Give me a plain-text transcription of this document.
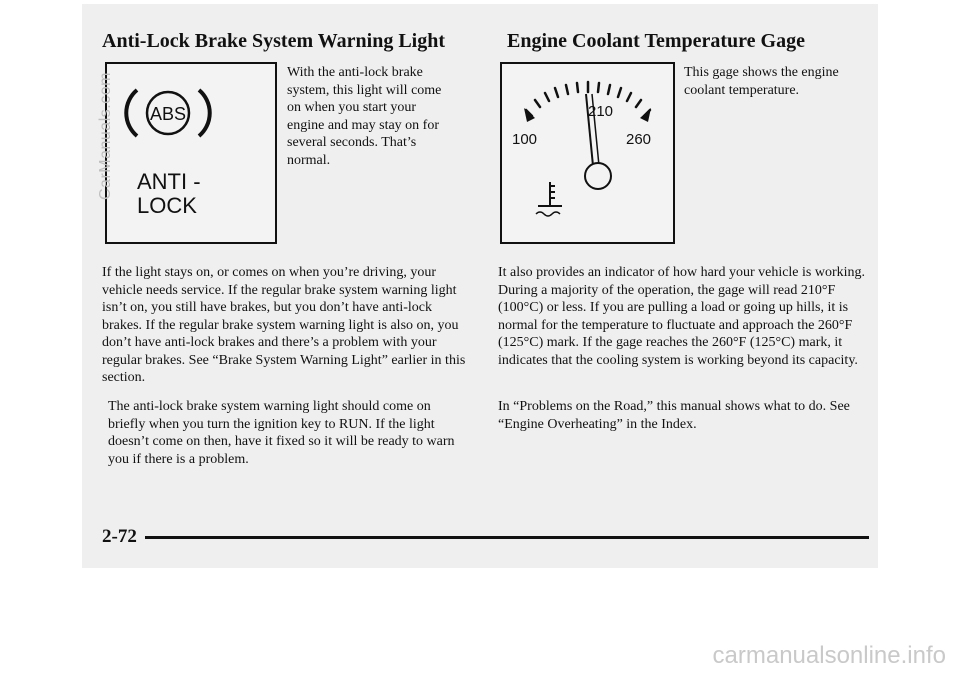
Anti-Lock Brake System Warning Light
ABS
ANTI -
LOCK
With the anti-lock brake system, this light will come on when you start your engine and may stay on for several seconds. That’s normal.
If the light stays on, or comes on when you’re driving, your vehicle needs service. If the regular brake system warning light isn’t on, you still have brakes, but you don’t have anti-lock brakes. If the regular brake system warning light is also on, you don’t have anti-lock brakes and there’s a problem with your regular brakes. See “Brake System Warning Light” earlier in this section.
The anti-lock brake system warning light should come on briefly when you turn the ignition key to RUN. If the light doesn’t come on then, have it fixed so it will be ready to warn you if there is a problem.
Engine Coolant Temperature Gage
100
210
260
This gage shows the engine coolant temperature.
It also provides an indicator of how hard your vehicle is working. During a majority of the operation, the gage will read 210°F (100°C) or less. If you are pulling a load or going up hills, it is normal for the temperature to fluctuate and approach the 260°F (125°C) mark. If the gage reaches the 260°F (125°C) mark, it indicates that the cooling system is working beyond its capacity.
In “Problems on the Road,” this manual shows what to do. See “Engine Overheating” in the Index.
2-72
CarManuals.com
carmanualsonline.info
